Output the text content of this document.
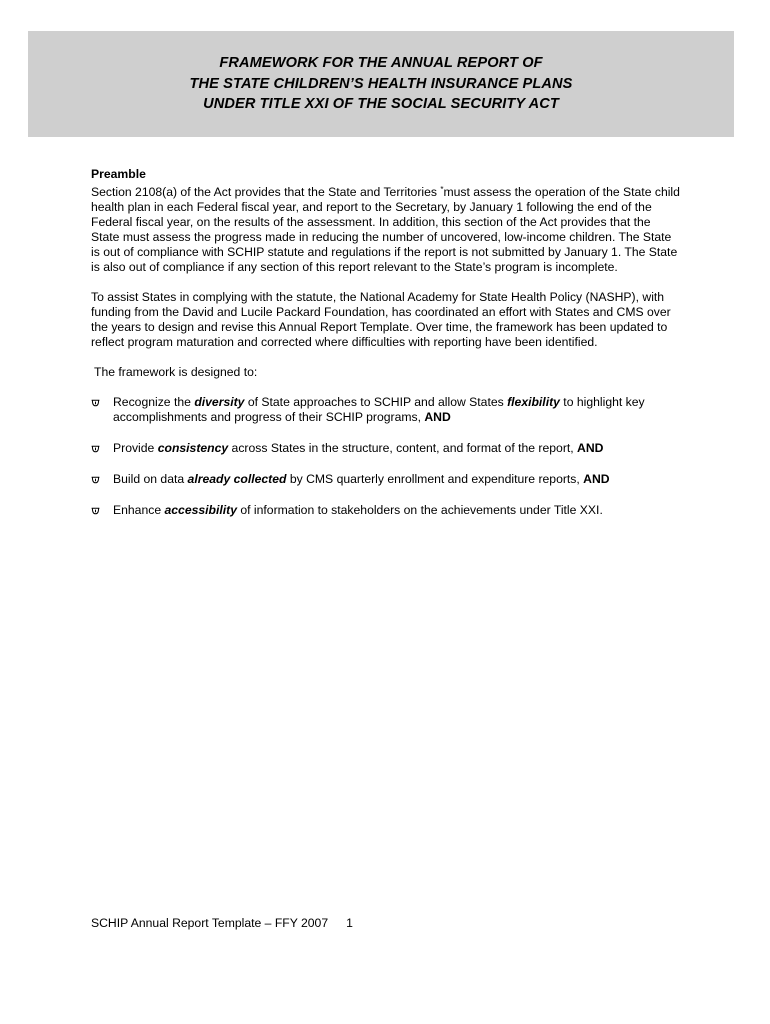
FRAMEWORK FOR THE ANNUAL REPORT OF
THE STATE CHILDREN’S HEALTH INSURANCE PLANS
UNDER TITLE XXI OF THE SOCIAL SECURITY ACT

Preamble

Section 2108(a) of the Act provides that the State and Territories *must assess the operation of the State child health plan in each Federal fiscal year, and report to the Secretary, by January 1 following the end of the Federal fiscal year, on the results of the assessment. In addition, this section of the Act provides that the State must assess the progress made in reducing the number of uncovered, low-income children. The State is out of compliance with SCHIP statute and regulations if the report is not submitted by January 1. The State is also out of compliance if any section of this report relevant to the State’s program is incomplete.

To assist States in complying with the statute, the National Academy for State Health Policy (NASHP), with funding from the David and Lucile Packard Foundation, has coordinated an effort with States and CMS over the years to design and revise this Annual Report Template. Over time, the framework has been updated to reflect program maturation and corrected where difficulties with reporting have been identified.

The framework is designed to:

Recognize the diversity of State approaches to SCHIP and allow States flexibility to highlight key accomplishments and progress of their SCHIP programs, AND
Provide consistency across States in the structure, content, and format of the report, AND
Build on data already collected by CMS quarterly enrollment and expenditure reports, AND
Enhance accessibility of information to stakeholders on the achievements under Title XXI.
SCHIP Annual Report Template – FFY 2007 1
